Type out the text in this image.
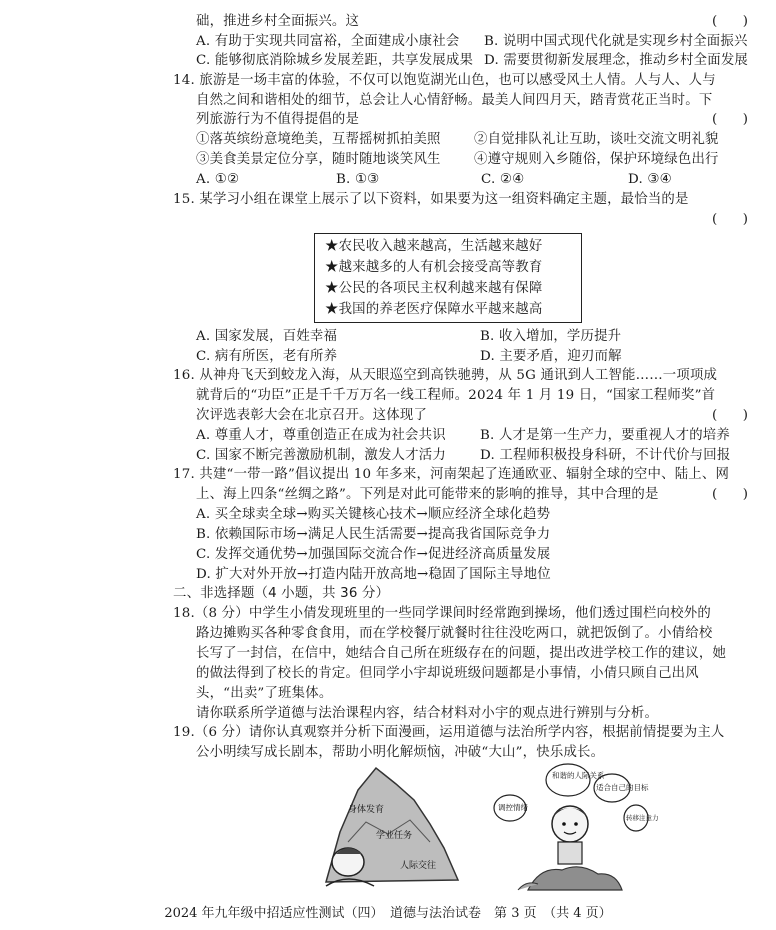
础，推进乡村全面振兴。这	(      )
A. 有助于实现共同富裕，全面建成小康社会 B. 说明中国式现代化就是实现乡村全面振兴
C. 能够彻底消除城乡发展差距，共享发展成果 D. 需要贯彻新发展理念，推动乡村全面发展
14. 旅游是一场丰富的体验，不仅可以饱览湖光山色，也可以感受风土人情。人与人、人与
自然之间和谐相处的细节，总会让人心情舒畅。最美人间四月天，踏青赏花正当时。下
列旅游行为不值得提倡的是	(      )
①落英缤纷意境绝美，互帮摇树抓拍美照 ②自觉排队礼让互助，谈吐交流文明礼貌
③美食美景定位分享，随时随地谈笑风生 ④遵守规则入乡随俗，保护环境绿色出行
A. ①②	B. ①③	C. ②④	D. ③④
15. 某学习小组在课堂上展示了以下资料，如果要为这一组资料确定主题，最恰当的是
(      )
★农民收入越来越高，生活越来越好
★越来越多的人有机会接受高等教育
★公民的各项民主权利越来越有保障
★我国的养老医疗保障水平越来越高
A. 国家发展，百姓幸福	B. 收入增加，学历提升
C. 病有所医，老有所养	D. 主要矛盾，迎刃而解
16. 从神舟飞天到蛟龙入海，从天眼巡空到高铁驰骋，从 5G 通讯到人工智能……一项项成
就背后的“功臣”正是千千万万名一线工程师。2024 年 1 月 19 日，“国家工程师奖”首
次评选表彰大会在北京召开。这体现了	(      )
A. 尊重人才，尊重创造正在成为社会共识	B. 人才是第一生产力，要重视人才的培养
C. 国家不断完善激励机制，激发人才活力	D. 工程师积极投身科研，不计代价与回报
17. 共建“一带一路”倡议提出 10 年多来，河南架起了连通欧亚、辐射全球的空中、陆上、网
上、海上四条“丝绸之路”。下列是对此可能带来的影响的推导，其中合理的是	(      )
A. 买全球卖全球→购买关键核心技术→顺应经济全球化趋势
B. 依赖国际市场→满足人民生活需要→提高我省国际竞争力
C. 发挥交通优势→加强国际交流合作→促进经济高质量发展
D. 扩大对外开放→打造内陆开放高地→稳固了国际主导地位
二、非选择题（4 小题，共 36 分）
18.（8 分）中学生小倩发现班里的一些同学课间时经常跑到操场，他们透过围栏向校外的
路边摊购买各种零食食用，而在学校餐厅就餐时往往没吃两口，就把饭倒了。小倩给校
长写了一封信，在信中，她结合自己所在班级存在的问题，提出改进学校工作的建议，她
的做法得到了校长的肯定。但同学小宇却说班级问题都是小事情，小倩只顾自己出风
头，“出卖”了班集体。
请你联系所学道德与法治课程内容，结合材料对小宇的观点进行辨别与分析。
19.（6 分）请你认真观察并分析下面漫画，运用道德与法治所学内容，根据前情提要为主人
公小明续写成长剧本，帮助小明化解烦恼，冲破“大山”，快乐成长。
身体发育
学业任务
人际交往
和谐的人际关系
调控情绪
适合自己的目标
转移注意力
2024 年九年级中招适应性测试（四）　道德与法治试卷　第 3 页　（共 4 页）
